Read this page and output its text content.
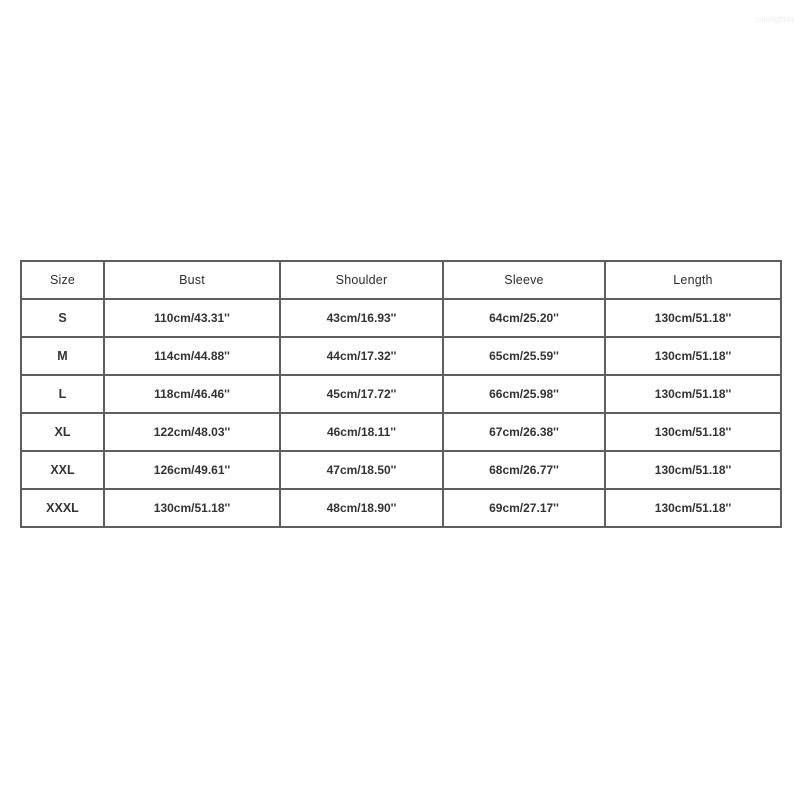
cnlongbida
Size	Bust	Shoulder	Sleeve	Length
S	110cm/43.31''	43cm/16.93''	64cm/25.20''	130cm/51.18''
M	114cm/44.88''	44cm/17.32''	65cm/25.59''	130cm/51.18''
L	118cm/46.46''	45cm/17.72''	66cm/25.98''	130cm/51.18''
XL	122cm/48.03''	46cm/18.11''	67cm/26.38''	130cm/51.18''
XXL	126cm/49.61''	47cm/18.50''	68cm/26.77''	130cm/51.18''
XXXL	130cm/51.18''	48cm/18.90''	69cm/27.17''	130cm/51.18''
